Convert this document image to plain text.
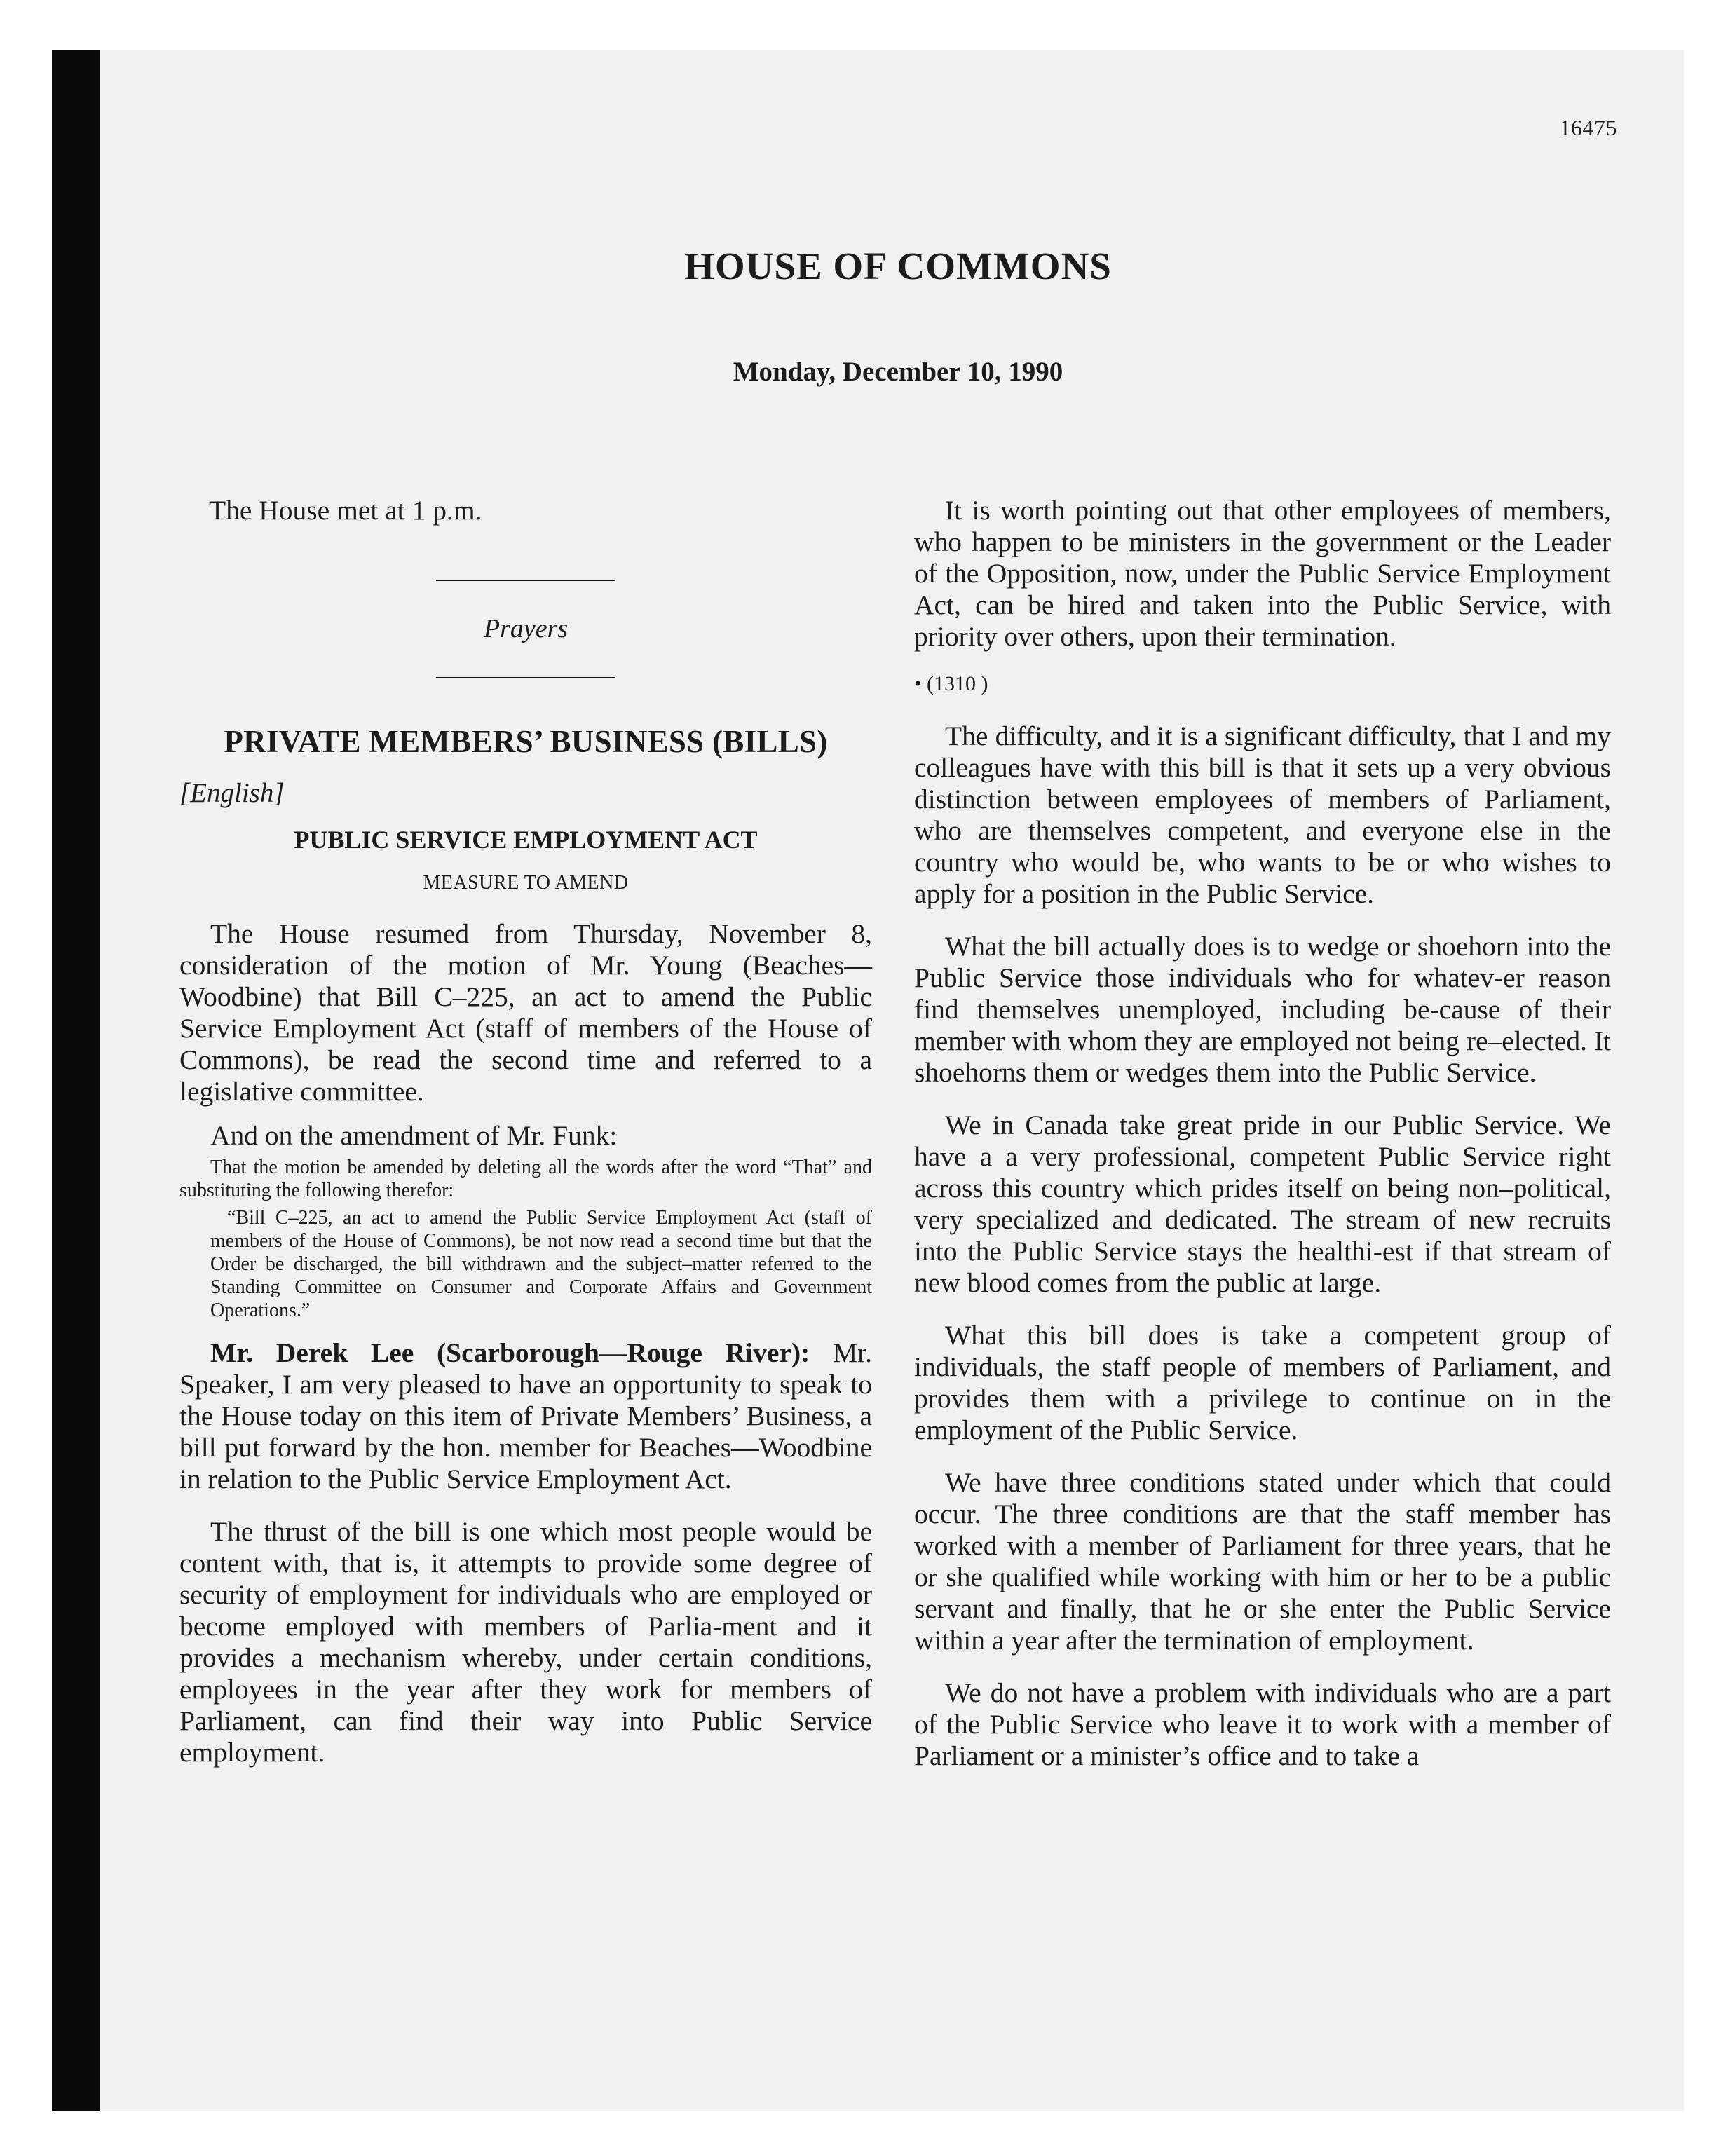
16475
HOUSE OF COMMONS
Monday, December 10, 1990

The House met at 1 p.m.

Prayers

PRIVATE MEMBERS’ BUSINESS (BILLS)

[English]

PUBLIC SERVICE EMPLOYMENT ACT

MEASURE TO AMEND

The House resumed from Thursday, November 8, consideration of the motion of Mr. Young (Beaches—Woodbine) that Bill C–225, an act to amend the Public Service Employment Act (staff of members of the House of Commons), be read the second time and referred to a legislative committee.

And on the amendment of Mr. Funk:

That the motion be amended by deleting all the words after the word “That” and substituting the following therefor:

“Bill C–225, an act to amend the Public Service Employment Act (staff of members of the House of Commons), be not now read a second time but that the Order be discharged, the bill withdrawn and the subject–matter referred to the Standing Committee on Consumer and Corporate Affairs and Government Operations.”

Mr. Derek Lee (Scarborough—Rouge River): Mr. Speaker, I am very pleased to have an opportunity to speak to the House today on this item of Private Members’ Business, a bill put forward by the hon. member for Beaches—Woodbine in relation to the Public Service Employment Act.

The thrust of the bill is one which most people would be content with, that is, it attempts to provide some degree of security of employment for individuals who are employed or become employed with members of Parlia-ment and it provides a mechanism whereby, under certain conditions, employees in the year after they work for members of Parliament, can find their way into Public Service employment.

It is worth pointing out that other employees of members, who happen to be ministers in the government or the Leader of the Opposition, now, under the Public Service Employment Act, can be hired and taken into the Public Service, with priority over others, upon their termination.

• (1310 )

The difficulty, and it is a significant difficulty, that I and my colleagues have with this bill is that it sets up a very obvious distinction between employees of members of Parliament, who are themselves competent, and everyone else in the country who would be, who wants to be or who wishes to apply for a position in the Public Service.

What the bill actually does is to wedge or shoehorn into the Public Service those individuals who for whatev-er reason find themselves unemployed, including be-cause of their member with whom they are employed not being re–elected. It shoehorns them or wedges them into the Public Service.

We in Canada take great pride in our Public Service. We have a a very professional, competent Public Service right across this country which prides itself on being non–political, very specialized and dedicated. The stream of new recruits into the Public Service stays the healthi-est if that stream of new blood comes from the public at large.

What this bill does is take a competent group of individuals, the staff people of members of Parliament, and provides them with a privilege to continue on in the employment of the Public Service.

We have three conditions stated under which that could occur. The three conditions are that the staff member has worked with a member of Parliament for three years, that he or she qualified while working with him or her to be a public servant and finally, that he or she enter the Public Service within a year after the termination of employment.

We do not have a problem with individuals who are a part of the Public Service who leave it to work with a member of Parliament or a minister’s office and to take a
